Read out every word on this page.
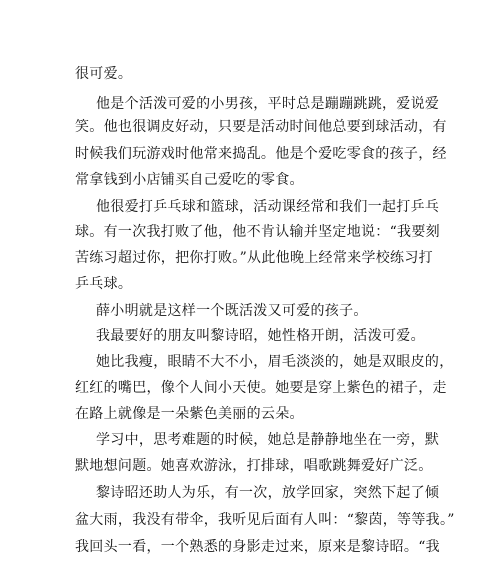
很可爱。
他是个活泼可爱的小男孩，平时总是蹦蹦跳跳，爱说爱
笑。他也很调皮好动，只要是活动时间他总要到球活动，有
时候我们玩游戏时他常来捣乱。他是个爱吃零食的孩子，经
常拿钱到小店铺买自己爱吃的零食。
他很爱打乒乓球和篮球，活动课经常和我们一起打乒乓
球。有一次我打败了他，他不肯认输并坚定地说：“我要刻
苦练习超过你，把你打败。”从此他晚上经常来学校练习打
乒乓球。
薛小明就是这样一个既活泼又可爱的孩子。
我最要好的朋友叫黎诗昭，她性格开朗，活泼可爱。
她比我瘦，眼睛不大不小，眉毛淡淡的，她是双眼皮的，
红红的嘴巴，像个人间小天使。她要是穿上紫色的裙子，走
在路上就像是一朵紫色美丽的云朵。
学习中，思考难题的时候，她总是静静地坐在一旁，默
默地想问题。她喜欢游泳，打排球，唱歌跳舞爱好广泛。
黎诗昭还助人为乐，有一次，放学回家，突然下起了倾
盆大雨，我没有带伞，我听见后面有人叫：“黎茵，等等我。”
我回头一看，一个熟悉的身影走过来，原来是黎诗昭。“我
